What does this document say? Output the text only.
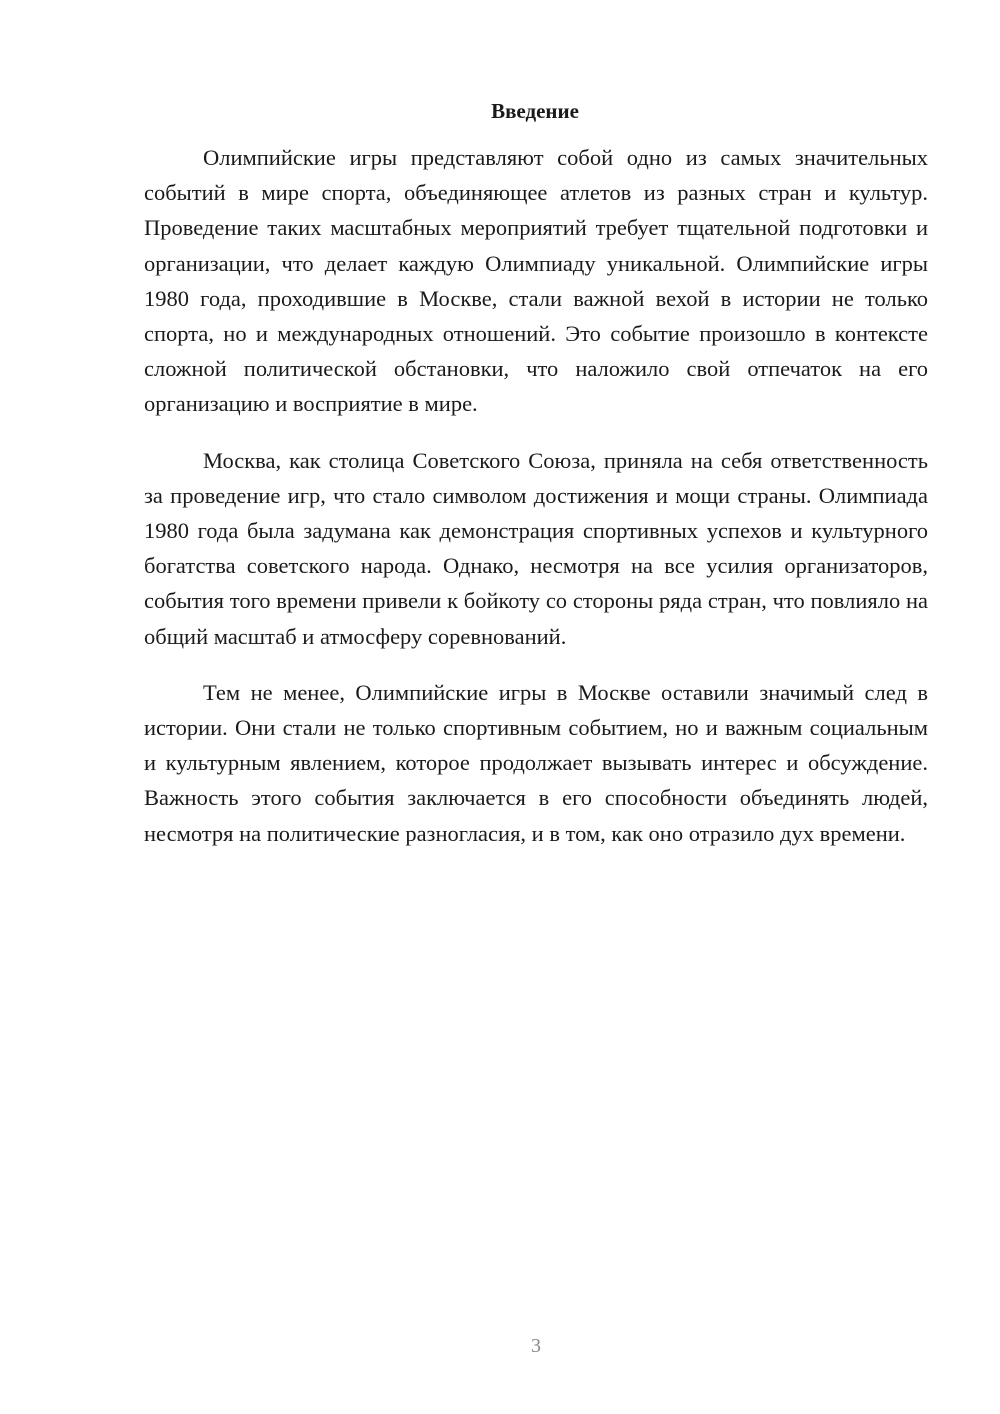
Введение

Олимпийские игры представляют собой одно из самых значительных событий в мире спорта, объединяющее атлетов из разных стран и культур. Проведение таких масштабных мероприятий требует тщательной подготовки и организации, что делает каждую Олимпиаду уникальной. Олимпийские игры 1980 года, проходившие в Москве, стали важной вехой в истории не только спорта, но и международных отношений. Это событие произошло в контексте сложной политической обстановки, что наложило свой отпечаток на его организацию и восприятие в мире.

Москва, как столица Советского Союза, приняла на себя ответственность за проведение игр, что стало символом достижения и мощи страны. Олимпиада 1980 года была задумана как демонстрация спортивных успехов и культурного богатства советского народа. Однако, несмотря на все усилия организаторов, события того времени привели к бойкоту со стороны ряда стран, что повлияло на общий масштаб и атмосферу соревнований.

Тем не менее, Олимпийские игры в Москве оставили значимый след в истории. Они стали не только спортивным событием, но и важным социальным и культурным явлением, которое продолжает вызывать интерес и обсуждение. Важность этого события заключается в его способности объединять людей, несмотря на политические разногласия, и в том, как оно отразило дух времени.

3
